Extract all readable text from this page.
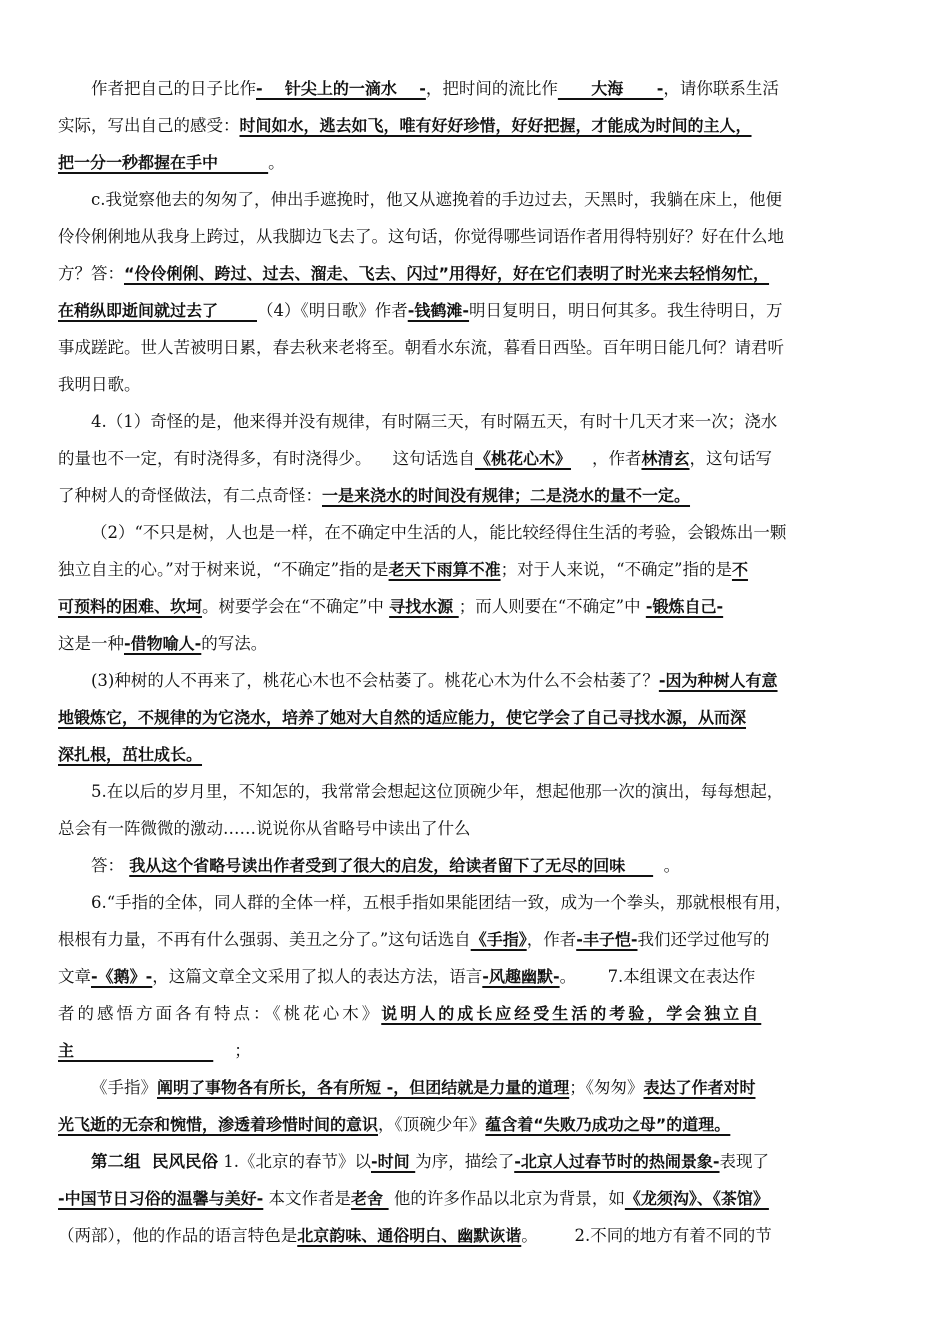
作者把自己的日子比作-    针尖上的一滴水    -，把时间的流比作      大海      -，请你联系生活
实际，写出自己的感受：时间如水，逃去如飞，唯有好好珍惜，好好把握，才能成为时间的主人，
把一分一秒都握在手中         。
c.我觉察他去的匆匆了，伸出手遮挽时，他又从遮挽着的手边过去，天黑时，我躺在床上，他便
伶伶俐俐地从我身上跨过，从我脚边飞去了。这句话，你觉得哪些词语作者用得特别好？好在什么地
方？答：“伶伶俐俐、跨过、过去、溜走、飞去、闪过”用得好，好在它们表明了时光来去轻悄匆忙，
在稍纵即逝间就过去了       （4）《明日歌》作者-钱鹤滩-明日复明日，明日何其多。我生待明日，万
事成蹉跎。世人苦被明日累，春去秋来老将至。朝看水东流，暮看日西坠。百年明日能几何？请君听
我明日歌。
4.（1）奇怪的是，他来得并没有规律，有时隔三天，有时隔五天，有时十几天才来一次；浇水
的量也不一定，有时浇得多，有时浇得少。    这句话选自《桃花心木》    ，作者林清玄，这句话写
了种树人的奇怪做法，有二点奇怪：一是来浇水的时间没有规律；二是浇水的量不一定。
（2）“不只是树，人也是一样，在不确定中生活的人，能比较经得住生活的考验，会锻炼出一颗
独立自主的心。”对于树来说，“不确定”指的是老天下雨算不准；对于人来说，“不确定”指的是不
可预料的困难、坎坷。树要学会在“不确定”中 寻找水源 ；而人则要在“不确定”中 -锻炼自己-
这是一种-借物喻人-的写法。
(3)种树的人不再来了，桃花心木也不会枯萎了。桃花心木为什么不会枯萎了？-因为种树人有意
地锻炼它，不规律的为它浇水，培养了她对大自然的适应能力，使它学会了自己寻找水源，从而深
深扎根，茁壮成长。
5.在以后的岁月里，不知怎的，我常常会想起这位顶碗少年，想起他那一次的演出，每每想起，
总会有一阵微微的激动……说说你从省略号中读出了什么
答： 我从这个省略号读出作者受到了很大的启发，给读者留下了无尽的回味       。
6.“手指的全体，同人群的全体一样，五根手指如果能团结一致，成为一个拳头，那就根根有用，
根根有力量，不再有什么强弱、美丑之分了。”这句话选自《手指》，作者-丰子恺-我们还学过他写的
文章-《鹅》-，这篇文章全文采用了拟人的表达方法，语言-风趣幽默-。      7.本组课文在表达作
者的感悟方面各有特点：《桃花心木》说明人的成长应经受生活的考验，学会独立自
主                             ；
《手指》阐明了事物各有所长，各有所短 -，但团结就是力量的道理；《匆匆》表达了作者对时
光飞逝的无奈和惋惜，渗透着珍惜时间的意识，《顶碗少年》蕴含着“失败乃成功之母”的道理。
第二组  民风民俗 1.《北京的春节》以-时间 为序，描绘了-北京人过春节时的热闹景象-表现了
-中国节日习俗的温馨与美好- 本文作者是老舍  他的许多作品以北京为背景，如《龙须沟》、《茶馆》
（两部），他的作品的语言特色是北京韵味、通俗明白、幽默诙谐。       2.不同的地方有着不同的节
